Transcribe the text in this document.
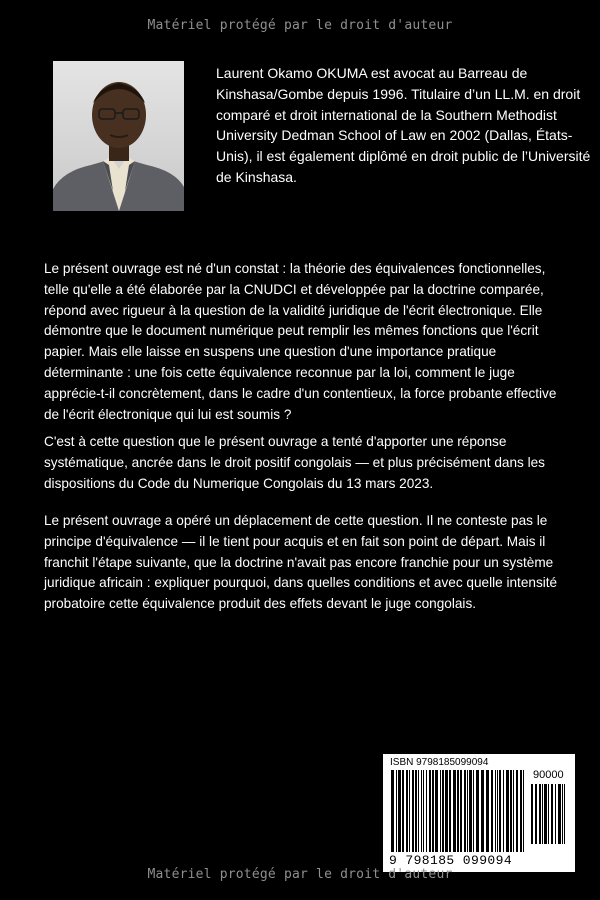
Matériel protégé par le droit d'auteur

Laurent Okamo OKUMA est avocat au Barreau de Kinshasa/Gombe depuis 1996. Titulaire d’un LL.M. en droit comparé et droit international de la Southern Methodist University Dedman School of Law en 2002 (Dallas, États-Unis), il est également diplômé en droit public de l’Université de Kinshasa.

Le présent ouvrage est né d'un constat : la théorie des équivalences fonctionnelles, telle qu'elle a été élaborée par la CNUDCI et développée par la doctrine comparée, répond avec rigueur à la question de la validité juridique de l'écrit électronique. Elle démontre que le document numérique peut remplir les mêmes fonctions que l'écrit papier. Mais elle laisse en suspens une question d'une importance pratique déterminante : une fois cette équivalence reconnue par la loi, comment le juge apprécie-t-il concrètement, dans le cadre d'un contentieux, la force probante effective de l'écrit électronique qui lui est soumis ?

C'est à cette question que le présent ouvrage a tenté d'apporter une réponse systématique, ancrée dans le droit positif congolais — et plus précisément dans les dispositions du Code du Numerique Congolais du 13 mars 2023.

Le présent ouvrage a opéré un déplacement de cette question. Il ne conteste pas le principe d'équivalence — il le tient pour acquis et en fait son point de départ. Mais il franchit l'étape suivante, que la doctrine n'avait pas encore franchie pour un système juridique africain : expliquer pourquoi, dans quelles conditions et avec quelle intensité probatoire cette équivalence produit des effets devant le juge congolais.

ISBN 9798185099094
90000
9 798185 099094
Matériel protégé par le droit d'auteur
